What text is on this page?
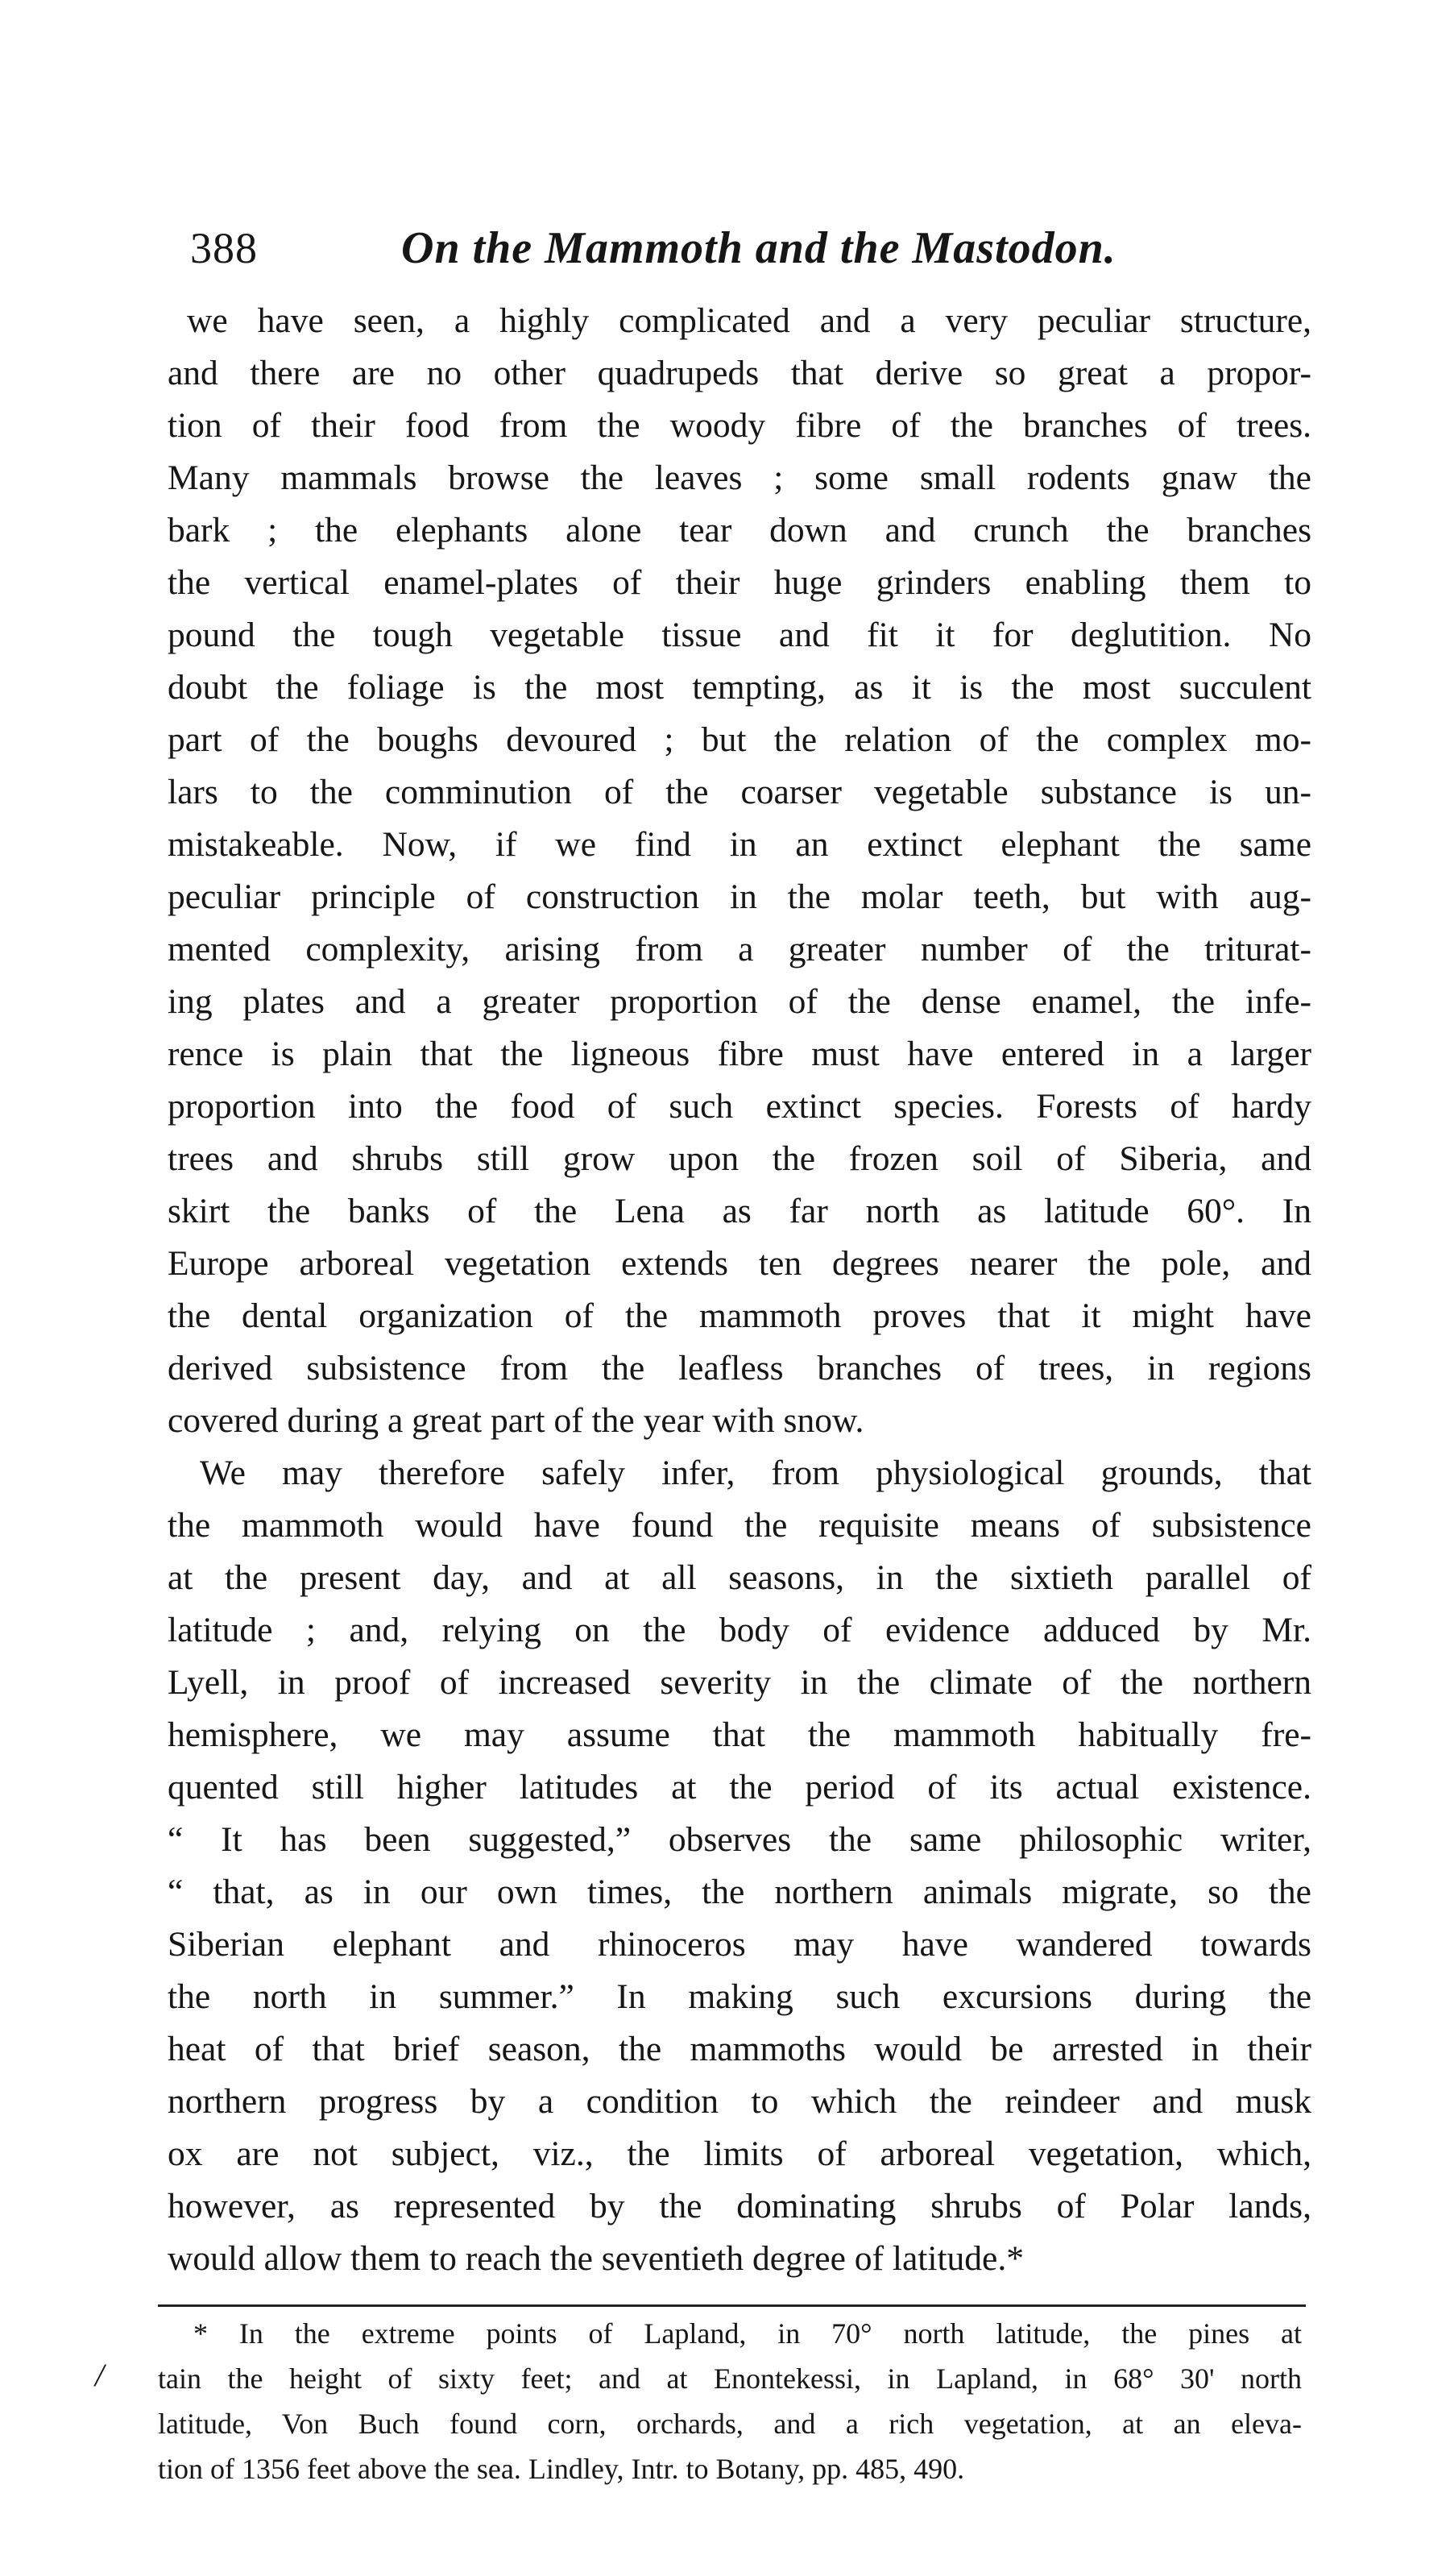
388	On the Mammoth and the Mastodon.
we have seen, a highly complicated and a very peculiar structure,
and there are no other quadrupeds that derive so great a propor-
tion of their food from the woody fibre of the branches of trees.
Many mammals browse the leaves ; some small rodents gnaw the
bark ; the elephants alone tear down and crunch the branches
the vertical enamel-plates of their huge grinders enabling them to
pound the tough vegetable tissue and fit it for deglutition. No
doubt the foliage is the most tempting, as it is the most succulent
part of the boughs devoured ; but the relation of the complex mo-
lars to the comminution of the coarser vegetable substance is un-
mistakeable. Now, if we find in an extinct elephant the same
peculiar principle of construction in the molar teeth, but with aug-
mented complexity, arising from a greater number of the triturat-
ing plates and a greater proportion of the dense enamel, the infe-
rence is plain that the ligneous fibre must have entered in a larger
proportion into the food of such extinct species. Forests of hardy
trees and shrubs still grow upon the frozen soil of Siberia, and
skirt the banks of the Lena as far north as latitude 60°. In
Europe arboreal vegetation extends ten degrees nearer the pole, and
the dental organization of the mammoth proves that it might have
derived subsistence from the leafless branches of trees, in regions
covered during a great part of the year with snow.
We may therefore safely infer, from physiological grounds, that
the mammoth would have found the requisite means of subsistence
at the present day, and at all seasons, in the sixtieth parallel of
latitude ; and, relying on the body of evidence adduced by Mr.
Lyell, in proof of increased severity in the climate of the northern
hemisphere, we may assume that the mammoth habitually fre-
quented still higher latitudes at the period of its actual existence.
“ It has been suggested,” observes the same philosophic writer,
“ that, as in our own times, the northern animals migrate, so the
Siberian elephant and rhinoceros may have wandered towards
the north in summer.” In making such excursions during the
heat of that brief season, the mammoths would be arrested in their
northern progress by a condition to which the reindeer and musk
ox are not subject, viz., the limits of arboreal vegetation, which,
however, as represented by the dominating shrubs of Polar lands,
would allow them to reach the seventieth degree of latitude.*
/
* In the extreme points of Lapland, in 70° north latitude, the pines at
tain the height of sixty feet; and at Enontekessi, in Lapland, in 68° 30' north
latitude, Von Buch found corn, orchards, and a rich vegetation, at an eleva-
tion of 1356 feet above the sea. Lindley, Intr. to Botany, pp. 485, 490.
